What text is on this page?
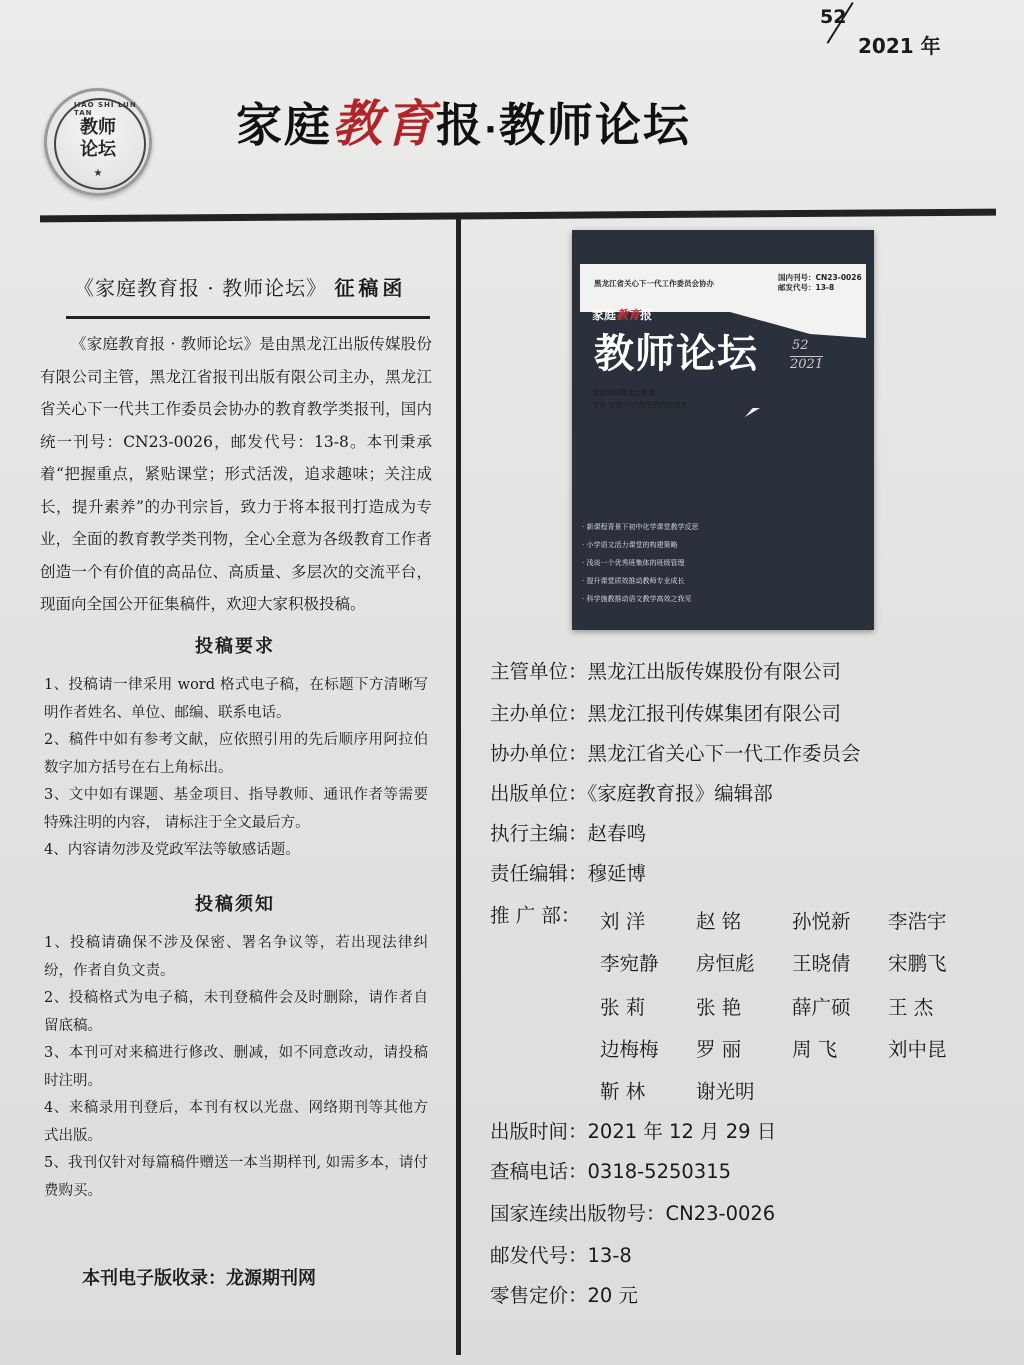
52
2021 年
JIAO SHI LUN TAN
教师
论坛
★
家庭教育报·教师论坛
《家庭教育报 · 教师论坛》 征稿函
《家庭教育报 · 教师论坛》是由黑龙江出版传媒股份有限公司主管，黑龙江省报刊出版有限公司主办，黑龙江省关心下一代共工作委员会协办的教育教学类报刊，国内统一刊号：CN23-0026，邮发代号：13-8。本刊秉承着“把握重点，紧贴课堂；形式活泼，追求趣味；关注成长，提升素养”的办刊宗旨，致力于将本报刊打造成为专业，全面的教育教学类刊物，全心全意为各级教育工作者创造一个有价值的高品位、高质量、多层次的交流平台，现面向全国公开征集稿件，欢迎大家积极投稿。
投稿要求
1、投稿请一律采用 word 格式电子稿，在标题下方清晰写明作者姓名、单位、邮编、联系电话。
2、稿件中如有参考文献，应依照引用的先后顺序用阿拉伯数字加方括号在右上角标出。
3、文中如有课题、基金项目、指导教师、通讯作者等需要特殊注明的内容， 请标注于全文最后方。
4、内容请勿涉及党政军法等敏感话题。
投稿须知
1、投稿请确保不涉及保密、署名争议等，若出现法律纠纷，作者自负文责。
2、投稿格式为电子稿，未刊登稿件会及时删除，请作者自留底稿。
3、本刊可对来稿进行修改、删减，如不同意改动，请投稿时注明。
4、来稿录用刊登后，本刊有权以光盘、网络期刊等其他方式出版。
5、我刊仅针对每篇稿件赠送一本当期样刊, 如需多本，请付费购买。
本刊电子版收录：龙源期刊网
黑龙江省关心下一代工作委员会协办
国内刊号：CN23-0026
邮发代号：13-8
家庭教育报
教师论坛	52
2021
龙源期刊网全文收录
专业 全面 广大师生的良师益友
· 新课程背景下初中化学课堂教学反思
· 小学语文活力课堂的构建策略
· 浅谈一个优秀班集体的班级管理
· 提升课堂质效推动教师专业成长
· 科学施教推动语文教学高效之我见
主管单位：黑龙江出版传媒股份有限公司
主办单位：黑龙江报刊传媒集团有限公司
协办单位：黑龙江省关心下一代工作委员会
出版单位：《家庭教育报》编辑部
执行主编：赵春鸣
责任编辑：穆延博
推 广 部：	刘 洋	赵 铭	孙悦新 李浩宇
李宛静 房恒彪 王晓倩 宋鹏飞
张 莉	张 艳	薛广硕 王 杰
边梅梅 罗 丽	周 飞	刘中昆
靳 林	谢光明
出版时间：2021 年 12 月 29 日
查稿电话：0318-5250315
国家连续出版物号：CN23-0026
邮发代号：13-8
零售定价：20 元
